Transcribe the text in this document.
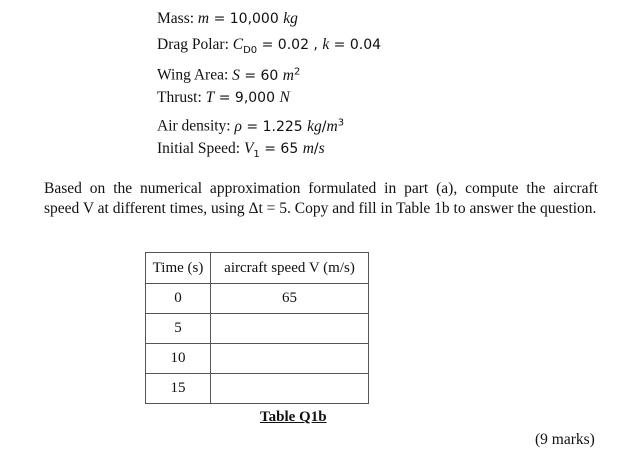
Mass: m = 10,000 kg
Drag Polar: $C_{D0} = 0.02$ , k = 0.04
Wing Area: S = 60 $m^2$
Thrust: T = 9,000 N
Air density: ρ = 1.225 $kg/m^3$
Initial Speed: $V_1 = 65$ m/s
Based on the numerical approximation formulated in part (a), compute the aircraft
speed V at different times, using Δt = 5. Copy and fill in Table 1b to answer the question.
Time (s)	aircraft speed V (m/s)
0	65
5	
10	
15	
Table Q1b
(9 marks)
